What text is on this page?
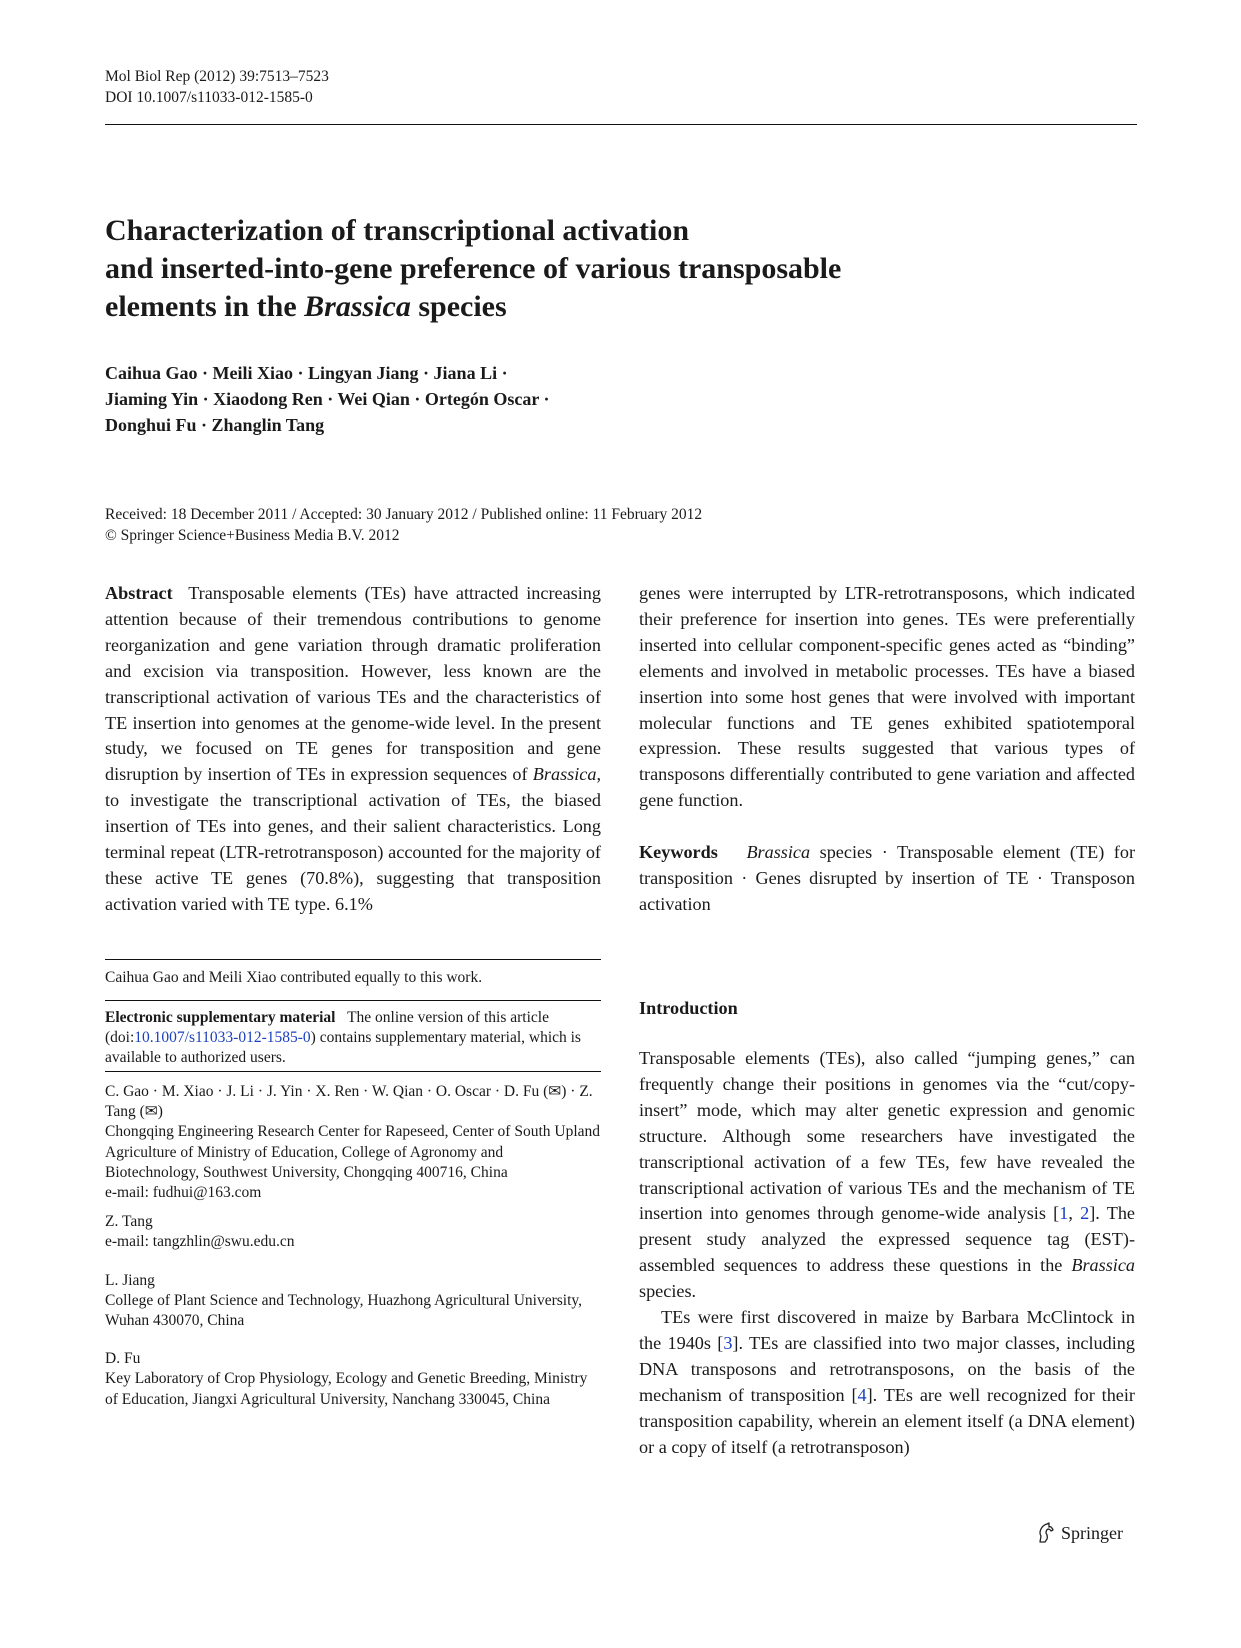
Mol Biol Rep (2012) 39:7513–7523
DOI 10.1007/s11033-012-1585-0
Characterization of transcriptional activation
and inserted-into-gene preference of various transposable
elements in the Brassica species
Caihua Gao · Meili Xiao · Lingyan Jiang · Jiana Li ·
Jiaming Yin · Xiaodong Ren · Wei Qian · Ortegón Oscar ·
Donghui Fu · Zhanglin Tang
Received: 18 December 2011 / Accepted: 30 January 2012 / Published online: 11 February 2012
© Springer Science+Business Media B.V. 2012

Abstract Transposable elements (TEs) have attracted increasing attention because of their tremendous contributions to genome reorganization and gene variation through dramatic proliferation and excision via transposition. However, less known are the transcriptional activation of various TEs and the characteristics of TE insertion into genomes at the genome-wide level. In the present study, we focused on TE genes for transposition and gene disruption by insertion of TEs in expression sequences of Brassica, to investigate the transcriptional activation of TEs, the biased insertion of TEs into genes, and their salient characteristics. Long terminal repeat (LTR-retrotransposon) accounted for the majority of these active TE genes (70.8%), suggesting that transposition activation varied with TE type. 6.1%

genes were interrupted by LTR-retrotransposons, which indicated their preference for insertion into genes. TEs were preferentially inserted into cellular component-specific genes acted as “binding” elements and involved in metabolic processes. TEs have a biased insertion into some host genes that were involved with important molecular functions and TE genes exhibited spatiotemporal expression. These results suggested that various types of transposons differentially contributed to gene variation and affected gene function.

Keywords Brassica species · Transposable element (TE) for transposition · Genes disrupted by insertion of TE · Transposon activation

Introduction

Transposable elements (TEs), also called “jumping genes,” can frequently change their positions in genomes via the “cut/copy-insert” mode, which may alter genetic expression and genomic structure. Although some researchers have investigated the transcriptional activation of a few TEs, few have revealed the transcriptional activation of various TEs and the mechanism of TE insertion into genomes through genome-wide analysis [1, 2]. The present study analyzed the expressed sequence tag (EST)-assembled sequences to address these questions in the Brassica species.

TEs were first discovered in maize by Barbara McClintock in the 1940s [3]. TEs are classified into two major classes, including DNA transposons and retrotransposons, on the basis of the mechanism of transposition [4]. TEs are well recognized for their transposition capability, wherein an element itself (a DNA element) or a copy of itself (a retrotransposon)

Caihua Gao and Meili Xiao contributed equally to this work.

Electronic supplementary material The online version of this article (doi:10.1007/s11033-012-1585-0) contains supplementary material, which is available to authorized users.

C. Gao · M. Xiao · J. Li · J. Yin · X. Ren · W. Qian · O. Oscar · D. Fu (✉) · Z. Tang (✉)

Chongqing Engineering Research Center for Rapeseed, Center of South Upland Agriculture of Ministry of Education, College of Agronomy and Biotechnology, Southwest University, Chongqing 400716, China

e-mail: fudhui@163.com

Z. Tang

e-mail: tangzhlin@swu.edu.cn

L. Jiang

College of Plant Science and Technology, Huazhong Agricultural University, Wuhan 430070, China

D. Fu

Key Laboratory of Crop Physiology, Ecology and Genetic Breeding, Ministry of Education, Jiangxi Agricultural University, Nanchang 330045, China

Springer
